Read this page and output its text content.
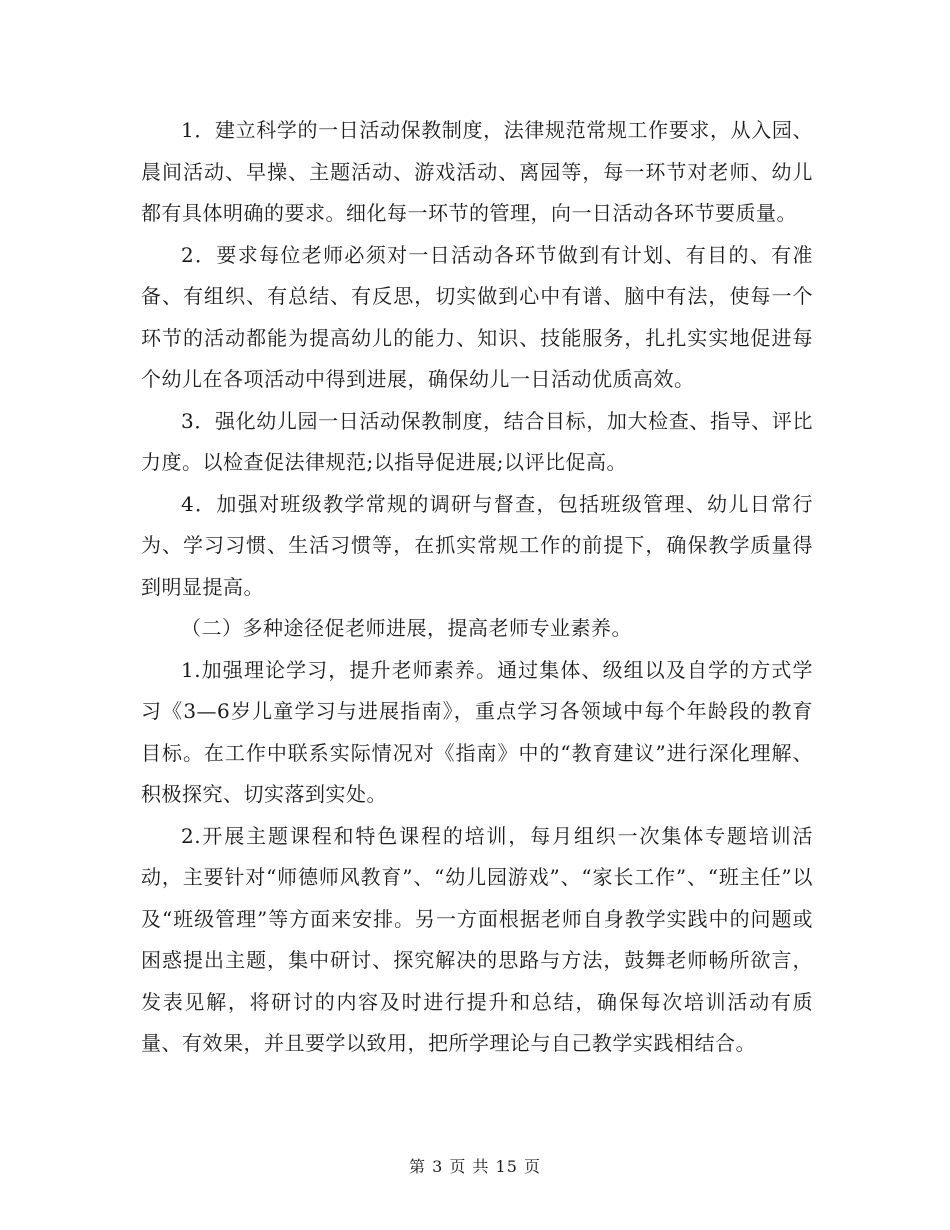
1．建立科学的一日活动保教制度，法律规范常规工作要求，从入园、晨间活动、早操、主题活动、游戏活动、离园等，每一环节对老师、幼儿都有具体明确的要求。细化每一环节的管理，向一日活动各环节要质量。

2．要求每位老师必须对一日活动各环节做到有计划、有目的、有准备、有组织、有总结、有反思，切实做到心中有谱、脑中有法，使每一个环节的活动都能为提高幼儿的能力、知识、技能服务，扎扎实实地促进每个幼儿在各项活动中得到进展，确保幼儿一日活动优质高效。

3．强化幼儿园一日活动保教制度，结合目标，加大检查、指导、评比力度。以检查促法律规范;以指导促进展;以评比促高。

4．加强对班级教学常规的调研与督查，包括班级管理、幼儿日常行为、学习习惯、生活习惯等，在抓实常规工作的前提下，确保教学质量得到明显提高。

（二）多种途径促老师进展，提高老师专业素养。

1.加强理论学习，提升老师素养。通过集体、级组以及自学的方式学习《3—6岁儿童学习与进展指南》，重点学习各领域中每个年龄段的教育目标。在工作中联系实际情况对《指南》中的“教育建议”进行深化理解、积极探究、切实落到实处。

2.开展主题课程和特色课程的培训，每月组织一次集体专题培训活动，主要针对“师德师风教育”、“幼儿园游戏”、“家长工作”、“班主任”以及“班级管理”等方面来安排。另一方面根据老师自身教学实践中的问题或困惑提出主题，集中研讨、探究解决的思路与方法，鼓舞老师畅所欲言，发表见解，将研讨的内容及时进行提升和总结，确保每次培训活动有质量、有效果，并且要学以致用，把所学理论与自己教学实践相结合。

第 3 页 共 15 页
